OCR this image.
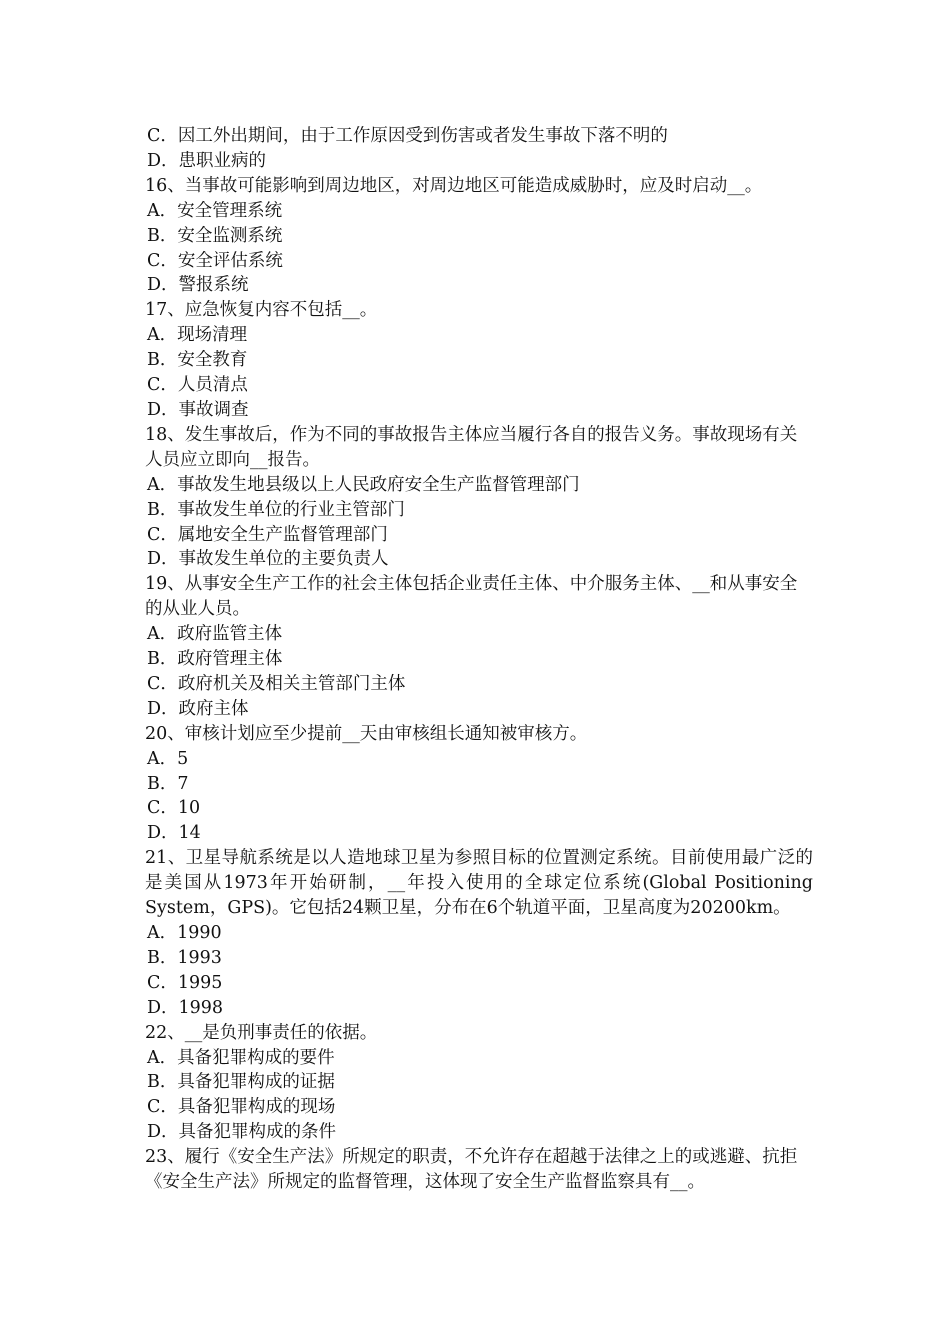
C．因工外出期间，由于工作原因受到伤害或者发生事故下落不明的
D．患职业病的
16、当事故可能影响到周边地区，对周边地区可能造成威胁时，应及时启动__。
A．安全管理系统
B．安全监测系统
C．安全评估系统
D．警报系统
17、应急恢复内容不包括__。
A．现场清理
B．安全教育
C．人员清点
D．事故调查
18、发生事故后，作为不同的事故报告主体应当履行各自的报告义务。事故现场有关人员应立即向__报告。
A．事故发生地县级以上人民政府安全生产监督管理部门
B．事故发生单位的行业主管部门
C．属地安全生产监督管理部门
D．事故发生单位的主要负责人
19、从事安全生产工作的社会主体包括企业责任主体、中介服务主体、__和从事安全的从业人员。
A．政府监管主体
B．政府管理主体
C．政府机关及相关主管部门主体
D．政府主体
20、审核计划应至少提前__天由审核组长通知被审核方。
A．5
B．7
C．10
D．14
21、卫星导航系统是以人造地球卫星为参照目标的位置测定系统。目前使用最广泛的是美国从1973年开始研制，__年投入使用的全球定位系统(Global Positioning System，GPS)。它包括24颗卫星，分布在6个轨道平面，卫星高度为20200km。
A．1990
B．1993
C．1995
D．1998
22、__是负刑事责任的依据。
A．具备犯罪构成的要件
B．具备犯罪构成的证据
C．具备犯罪构成的现场
D．具备犯罪构成的条件
23、履行《安全生产法》所规定的职责，不允许存在超越于法律之上的或逃避、抗拒《安全生产法》所规定的监督管理，这体现了安全生产监督监察具有__。
